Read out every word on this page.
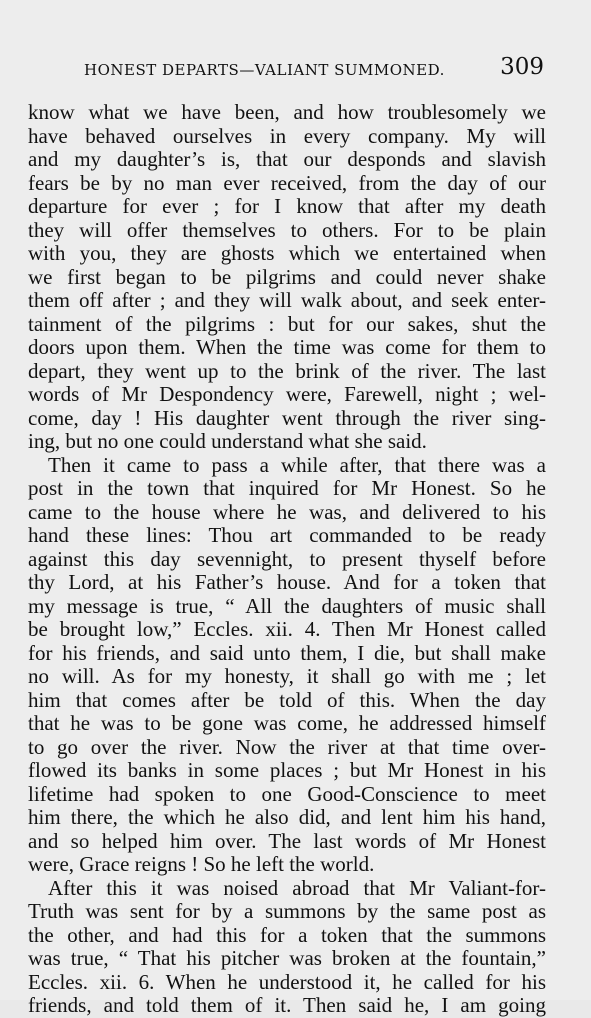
HONEST DEPARTS—VALIANT SUMMONED. 309
know what we have been, and how troublesomely we
have behaved ourselves in every company. My will
and my daughter’s is, that our desponds and slavish
fears be by no man ever received, from the day of our
departure for ever ; for I know that after my death
they will offer themselves to others. For to be plain
with you, they are ghosts which we entertained when
we first began to be pilgrims and could never shake
them off after ; and they will walk about, and seek enter-
tainment of the pilgrims : but for our sakes, shut the
doors upon them. When the time was come for them to
depart, they went up to the brink of the river. The last
words of Mr Despondency were, Farewell, night ; wel-
come, day ! His daughter went through the river sing-
ing, but no one could understand what she said.
Then it came to pass a while after, that there was a
post in the town that inquired for Mr Honest. So he
came to the house where he was, and delivered to his
hand these lines: Thou art commanded to be ready
against this day sevennight, to present thyself before
thy Lord, at his Father’s house. And for a token that
my message is true, “ All the daughters of music shall
be brought low,” Eccles. xii. 4. Then Mr Honest called
for his friends, and said unto them, I die, but shall make
no will. As for my honesty, it shall go with me ; let
him that comes after be told of this. When the day
that he was to be gone was come, he addressed himself
to go over the river. Now the river at that time over-
flowed its banks in some places ; but Mr Honest in his
lifetime had spoken to one Good-Conscience to meet
him there, the which he also did, and lent him his hand,
and so helped him over. The last words of Mr Honest
were, Grace reigns ! So he left the world.
After this it was noised abroad that Mr Valiant-for-
Truth was sent for by a summons by the same post as
the other, and had this for a token that the summons
was true, “ That his pitcher was broken at the fountain,”
Eccles. xii. 6. When he understood it, he called for his
friends, and told them of it. Then said he, I am going
